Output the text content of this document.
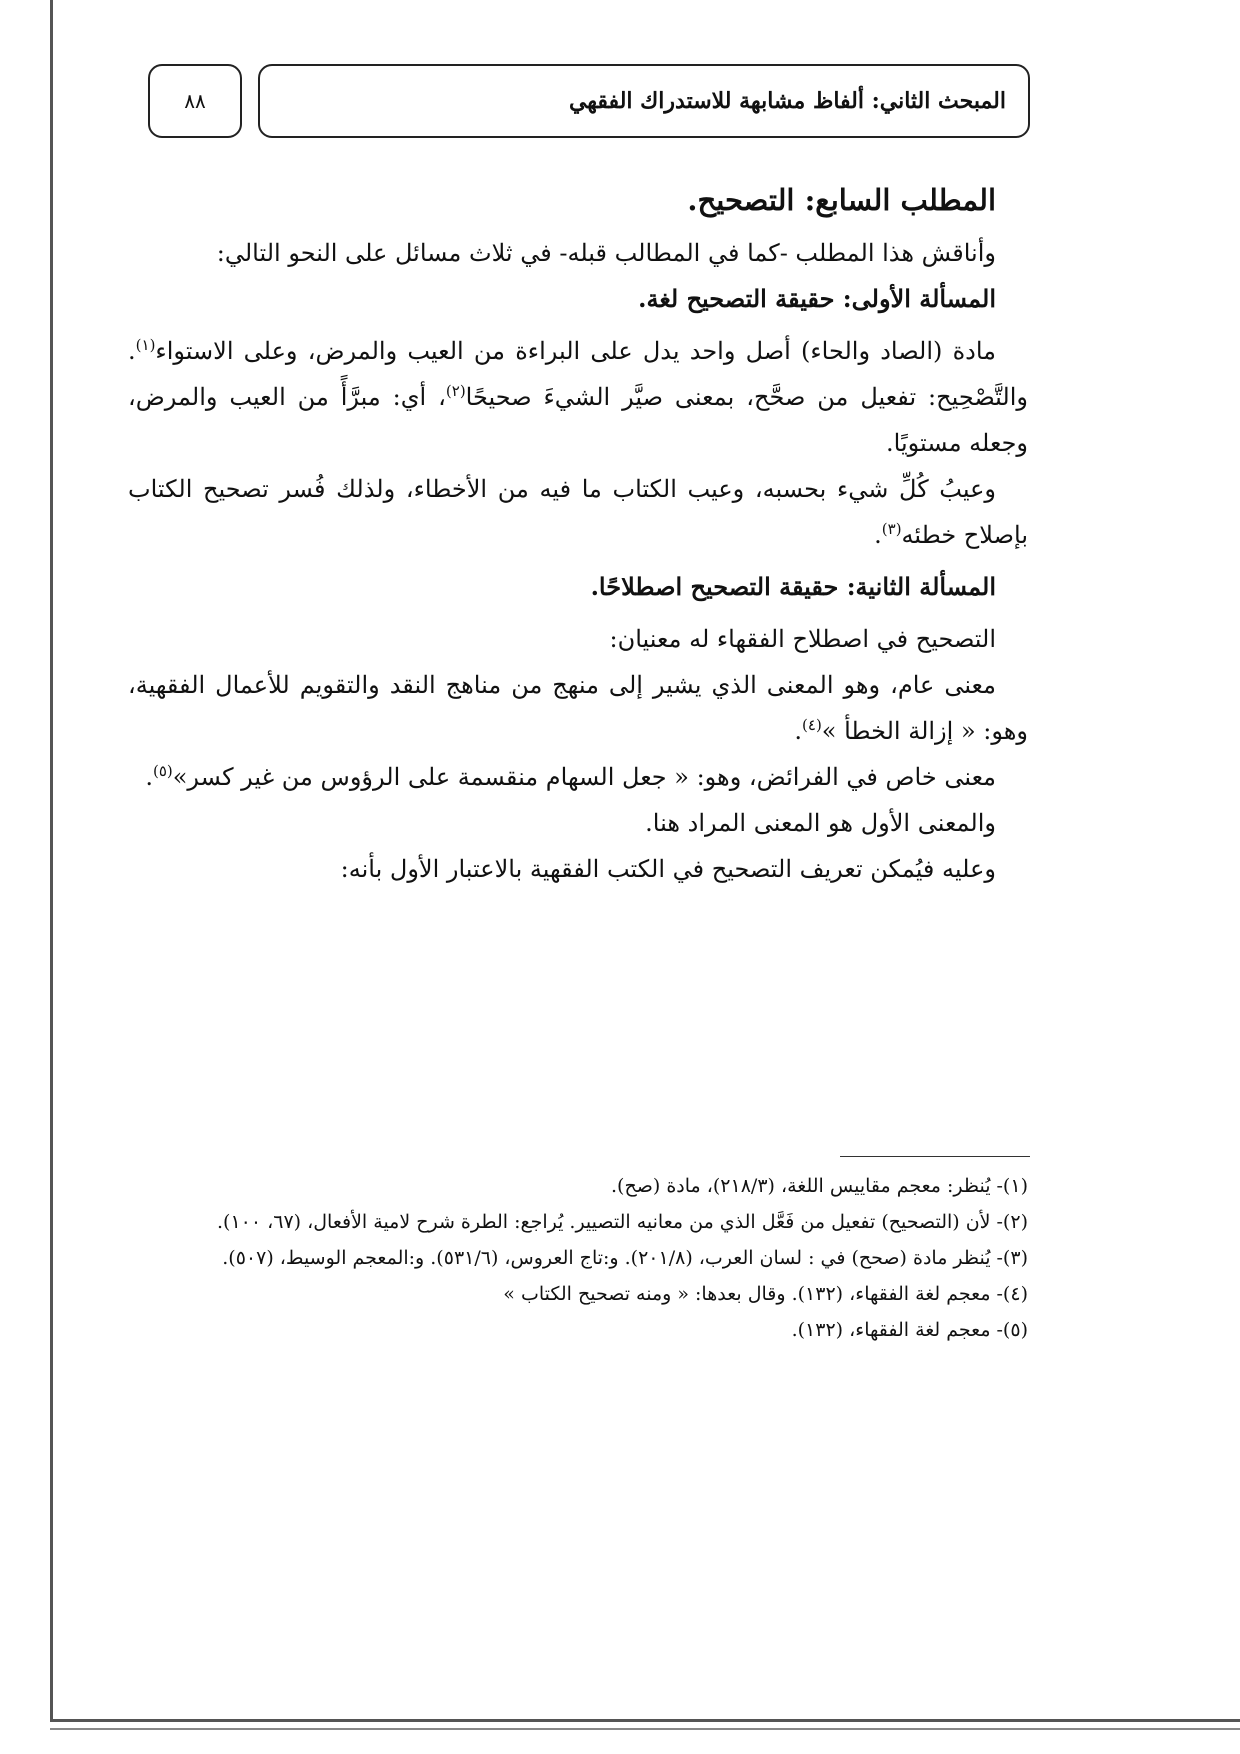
المبحث الثاني: ألفاظ مشابهة للاستدراك الفقهي
٨٨

المطلب السابع: التصحيح.

وأناقش هذا المطلب -كما في المطالب قبله- في ثلاث مسائل على النحو التالي:

المسألة الأولى: حقيقة التصحيح لغة.

مادة (الصاد والحاء) أصل واحد يدل على البراءة من العيب والمرض، وعلى الاستواء$^{(١)}$. والتَّصْحِيح: تفعيل من صحَّح، بمعنى صيَّر الشيءَ صحيحًا$^{(٢)}$، أي: مبرَّأً من العيب والمرض، وجعله مستويًا.

وعيبُ كُلِّ شيء بحسبه، وعيب الكتاب ما فيه من الأخطاء، ولذلك فُسر تصحيح الكتاب بإصلاح خطئه$^{(٣)}$.

المسألة الثانية: حقيقة التصحيح اصطلاحًا.

التصحيح في اصطلاح الفقهاء له معنيان:

معنى عام، وهو المعنى الذي يشير إلى منهج من مناهج النقد والتقويم للأعمال الفقهية، وهو: « إزالة الخطأ »$^{(٤)}$.

معنى خاص في الفرائض، وهو: « جعل السهام منقسمة على الرؤوس من غير كسر»$^{(٥)}$.

والمعنى الأول هو المعنى المراد هنا.

وعليه فيُمكن تعريف التصحيح في الكتب الفقهية بالاعتبار الأول بأنه:

(١)-يُنظر: معجم مقاييس اللغة، (٢١٨/٣)، مادة (صح).

(٢)-لأن (التصحيح) تفعيل من فَعَّل الذي من معانيه التصيير. يُراجع: الطرة شرح لامية الأفعال، (٦٧، ١٠٠).

(٣)-يُنظر مادة (صحح) في : لسان العرب، (٢٠١/٨). و:تاج العروس، (٥٣١/٦). و:المعجم الوسيط، (٥٠٧).

(٤)-معجم لغة الفقهاء، (١٣٢). وقال بعدها: « ومنه تصحيح الكتاب »

(٥)-معجم لغة الفقهاء، (١٣٢).
